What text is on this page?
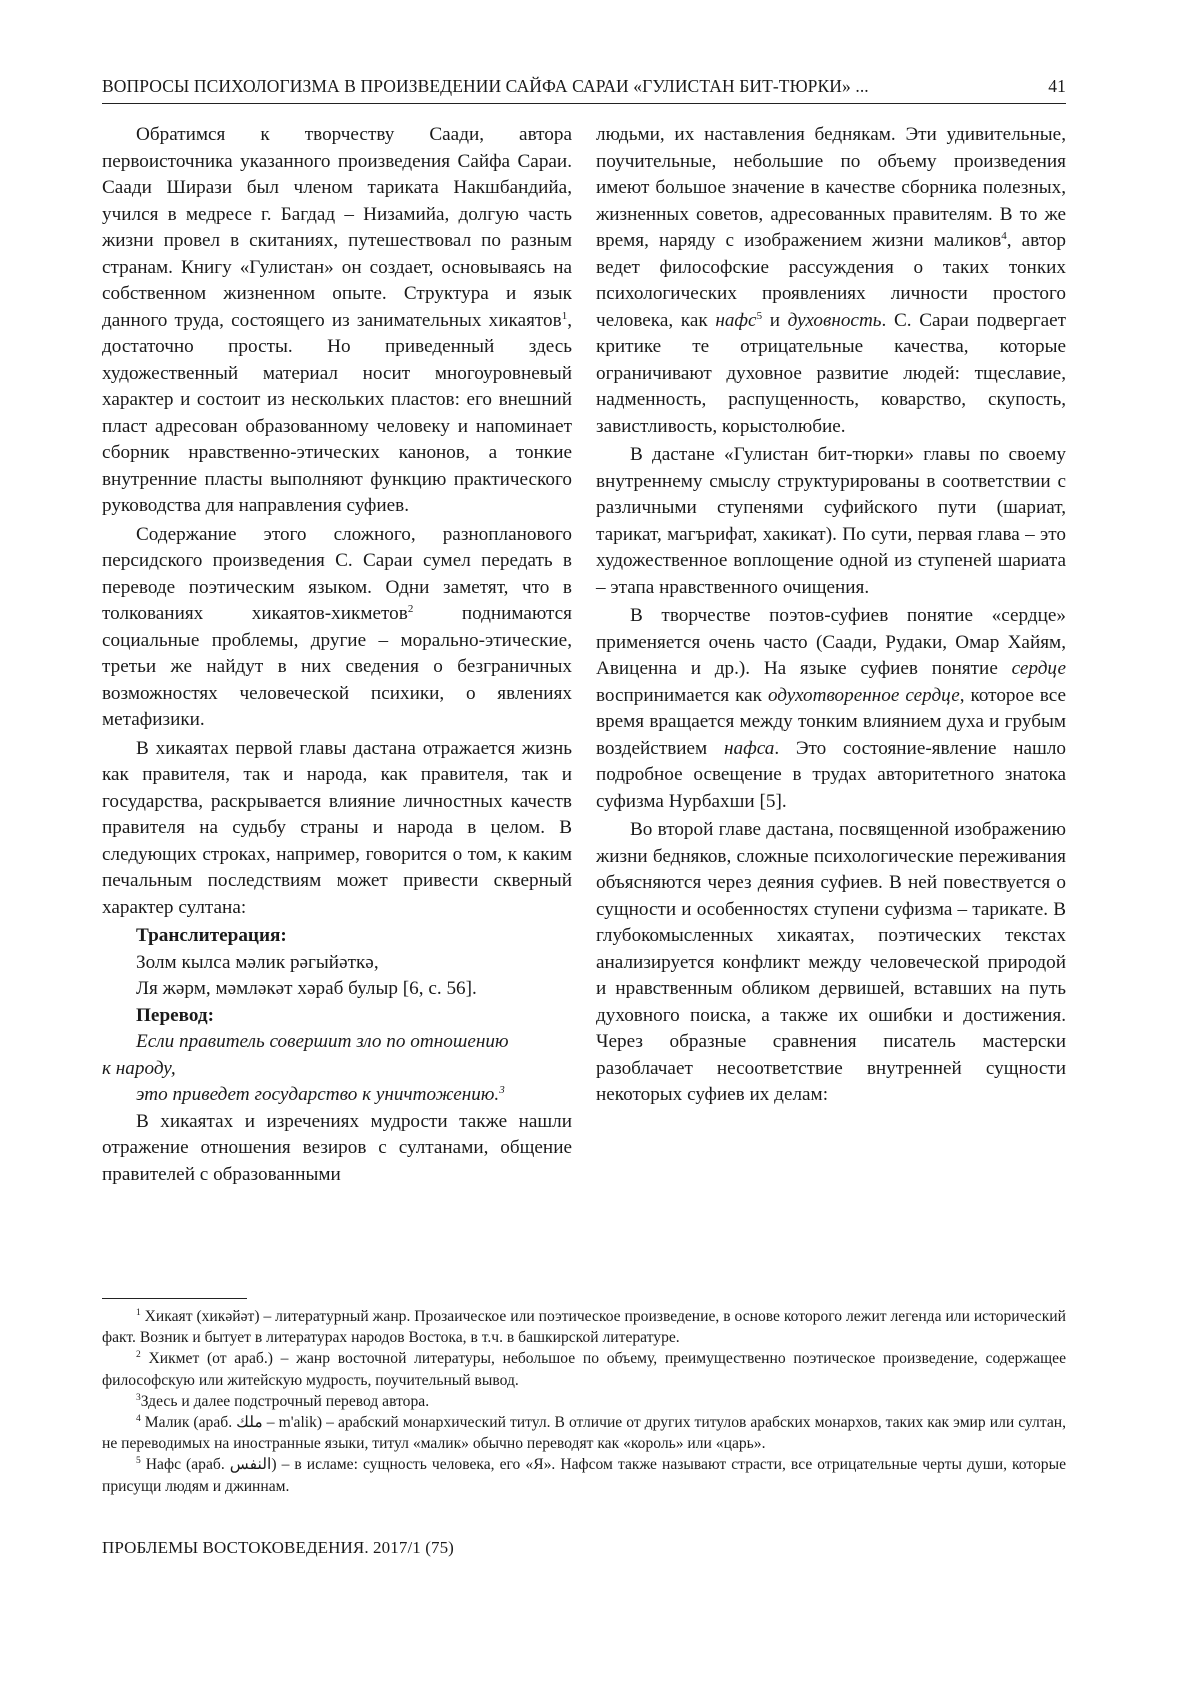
ВОПРОСЫ ПСИХОЛОГИЗМА В ПРОИЗВЕДЕНИИ САЙФА САРАИ «ГУЛИСТАН БИТ-ТЮРКИ» ...	41

Обратимся к творчеству Саади, автора первоисточника указанного произведения Сайфа Сараи. Саади Ширази был членом тариката Накшбандийа, учился в медресе г. Багдад – Низамийа, долгую часть жизни провел в скитаниях, путешествовал по разным странам. Книгу «Гулистан» он создает, основываясь на собственном жизненном опыте. Структура и язык данного труда, состоящего из занимательных хикаятов$^1$, достаточно просты. Но приведенный здесь художественный материал носит многоуровневый характер и состоит из нескольких пластов: его внешний пласт адресован образованному человеку и напоминает сборник нравственно-этических канонов, а тонкие внутренние пласты выполняют функцию практического руководства для направления суфиев.

Содержание этого сложного, разнопланового персидского произведения С. Сараи сумел передать в переводе поэтическим языком. Одни заметят, что в толкованиях хикаятов-хикметов$^2$ поднимаются социальные проблемы, другие – морально-этические, третьи же найдут в них сведения о безграничных возможностях человеческой психики, о явлениях метафизики.

В хикаятах первой главы дастана отражается жизнь как правителя, так и народа, как правителя, так и государства, раскрывается влияние личностных качеств правителя на судьбу страны и народа в целом. В следующих строках, например, говорится о том, к каким печальным последствиям может привести скверный характер султана:

Транслитерация:

Золм кылса мәлик рәгыйәткә,

Ля жәрм, мәмләкәт хәраб булыр [6, с. 56].

Перевод:

Если правитель совершит зло по отношению

к народу,

это приведет государство к уничтожению.$^3$

В хикаятах и изречениях мудрости также нашли отражение отношения везиров с султанами, общение правителей с образованными

людьми, их наставления беднякам. Эти удивительные, поучительные, небольшие по объему произведения имеют большое значение в качестве сборника полезных, жизненных советов, адресованных правителям. В то же время, наряду с изображением жизни маликов$^4$, автор ведет философские рассуждения о таких тонких психологических проявлениях личности простого человека, как нафс$^5$ и духовность. С. Сараи подвергает критике те отрицательные качества, которые ограничивают духовное развитие людей: тщеславие, надменность, распущенность, коварство, скупость, завистливость, корыстолюбие.

В дастане «Гулистан бит-тюрки» главы по своему внутреннему смыслу структурированы в соответствии с различными ступенями суфийского пути (шариат, тарикат, магърифат, хакикат). По сути, первая глава – это художественное воплощение одной из ступеней шариата – этапа нравственного очищения.

В творчестве поэтов-суфиев понятие «сердце» применяется очень часто (Саади, Рудаки, Омар Хайям, Авиценна и др.). На языке суфиев понятие сердце воспринимается как одухотворенное сердце, которое все время вращается между тонким влиянием духа и грубым воздействием нафса. Это состояние-явление нашло подробное освещение в трудах авторитетного знатока суфизма Нурбахши [5].

Во второй главе дастана, посвященной изображению жизни бедняков, сложные психологические переживания объясняются через деяния суфиев. В ней повествуется о сущности и особенностях ступени суфизма – тарикате. В глубокомысленных хикаятах, поэтических текстах анализируется конфликт между человеческой природой и нравственным обликом дервишей, вставших на путь духовного поиска, а также их ошибки и достижения. Через образные сравнения писатель мастерски разоблачает несоответствие внутренней сущности некоторых суфиев их делам:

$^1$ Хикаят (хикәйәт) – литературный жанр. Прозаическое или поэтическое произведение, в основе которого лежит легенда или исторический факт. Возник и бытует в литературах народов Востока, в т.ч. в башкирской литературе.

$^2$ Хикмет (от араб.) – жанр восточной литературы, небольшое по объему, преимущественно поэтическое произведение, содержащее философскую или житейскую мудрость, поучительный вывод.

$^3$Здесь и далее подстрочный перевод автора.

$^4$ Малик (араб. ملك – m'alik) – арабский монархический титул. В отличие от других титулов арабских монархов, таких как эмир или султан, не переводимых на иностранные языки, титул «малик» обычно переводят как «король» или «царь».

$^5$ Нафс (араб. النفس) – в исламе: сущность человека, его «Я». Нафсом также называют страсти, все отрицательные черты души, которые присущи людям и джиннам.

ПРОБЛЕМЫ ВОСТОКОВЕДЕНИЯ. 2017/1 (75)
